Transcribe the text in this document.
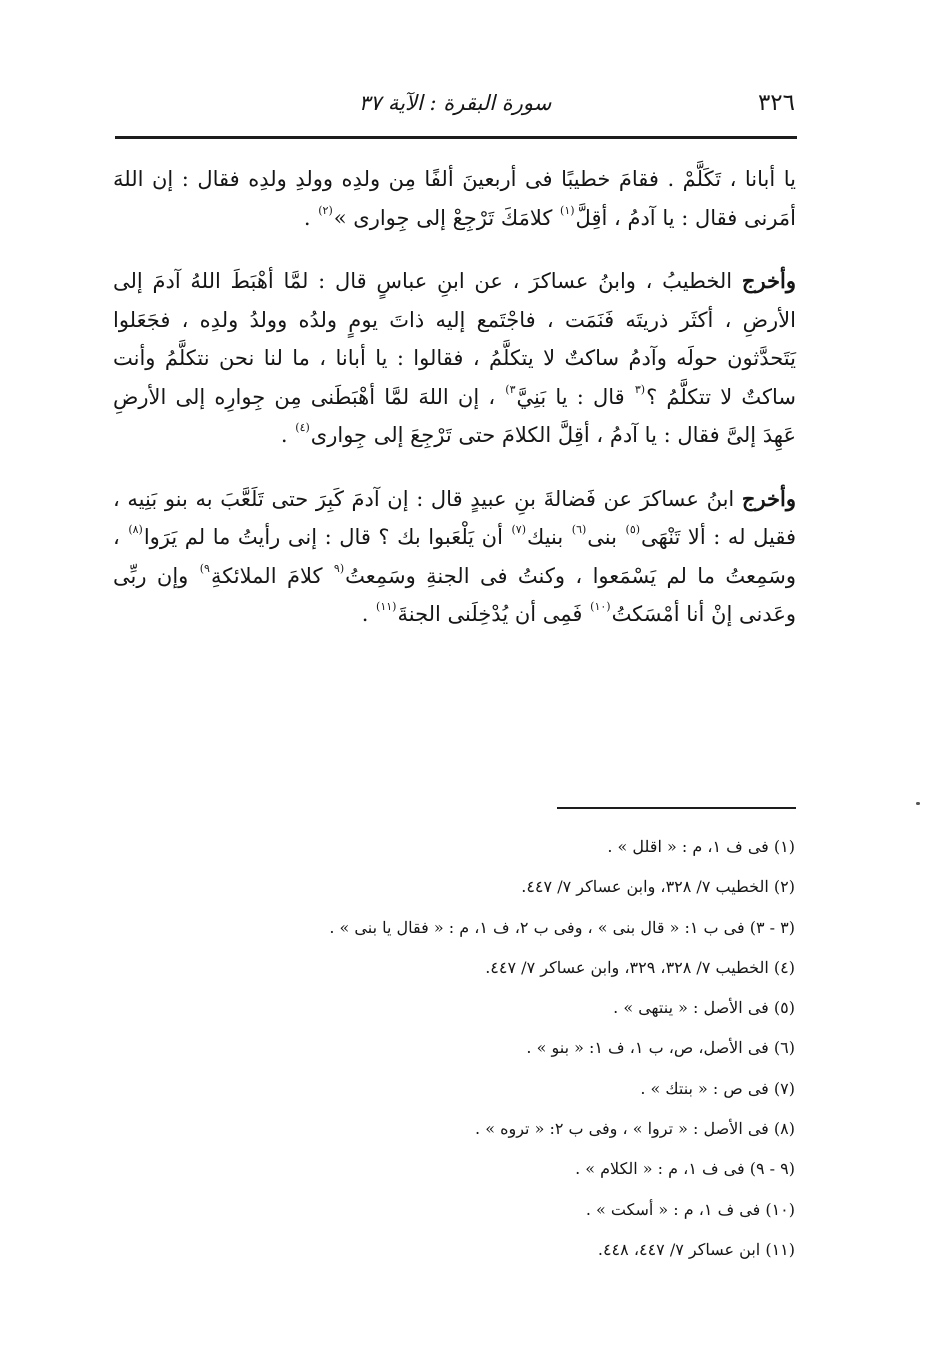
٣٢٦
سورة البقرة : الآية ٣٧

يا أبانا ، تَكَلَّمْ . فقامَ خطيبًا فى أربعينَ ألفًا مِن ولدِه وولدِ ولدِه فقال : إن اللهَ أمَرنى فقال : يا آدمُ ، أقِلَّ$^{(١)}$ كلامَكَ تَرْجِعْ إلى جِوارى »$^{(٢)}$ .

وأخرج الخطيبُ ، وابنُ عساكرَ ، عن ابنِ عباسٍ قال : لمَّا أهْبَطَ اللهُ آدمَ إلى الأرضِ ، أكثَر ذريتَه فَنَمَت ، فاجْتَمع إليه ذاتَ يومٍ ولدُه وولدُ ولدِه ، فجَعَلوا يَتَحدَّثون حولَه وآدمُ ساكتٌ لا يتكلَّمُ ، فقالوا : يا أبانا ، ما لنا نحن نتكلَّمُ وأنت ساكتٌ لا تتكلَّمُ ؟$^{(٣}$ قال : يا بَنِيَّ$^{٣)}$ ، إن اللهَ لمَّا أهْبَطَنى مِن جِوارِه إلى الأرضِ عَهِدَ إلىَّ فقال : يا آدمُ ، أقِلَّ الكلامَ حتى تَرْجِعَ إلى جِوارى$^{(٤)}$ .

وأخرج ابنُ عساكرَ عن فَضالةَ بنِ عبيدٍ قال : إن آدمَ كَبِرَ حتى تَلَعَّبَ به بنو بَنِيه ، فقيل له : ألا تَنْهَى$^{(٥)}$ بنى$^{(٦)}$ بنيك$^{(٧)}$ أن يَلْعَبوا بك ؟ قال : إنى رأيتُ ما لم يَرَوا$^{(٨)}$ ، وسَمِعتُ ما لم يَسْمَعوا ، وكنتُ فى الجنةِ وسَمِعتُ$^{(٩}$ كلامَ الملائكةِ$^{٩)}$ وإن ربِّى وعَدنى إنْ أنا أمْسَكتُ$^{(١٠)}$ فَمِى أن يُدْخِلَنى الجنةَ$^{(١١)}$ .

(١) فى ف ١، م : « اقلل » .
(٢) الخطيب ٧/ ٣٢٨، وابن عساكر ٧/ ٤٤٧.
(٣ - ٣) فى ب ١: « قال بنى » ، وفى ب ٢، ف ١، م : « فقال يا بنى » .
(٤) الخطيب ٧/ ٣٢٨، ٣٢٩، وابن عساكر ٧/ ٤٤٧.
(٥) فى الأصل : « ينتهى » .
(٦) فى الأصل، ص، ب ١، ف ١: « بنو » .
(٧) فى ص : « بنتك » .
(٨) فى الأصل : « تروا » ، وفى ب ٢: « تروه » .
(٩ - ٩) فى ف ١، م : « الكلام » .
(١٠) فى ف ١، م : « أسكت » .
(١١) ابن عساكر ٧/ ٤٤٧، ٤٤٨.
